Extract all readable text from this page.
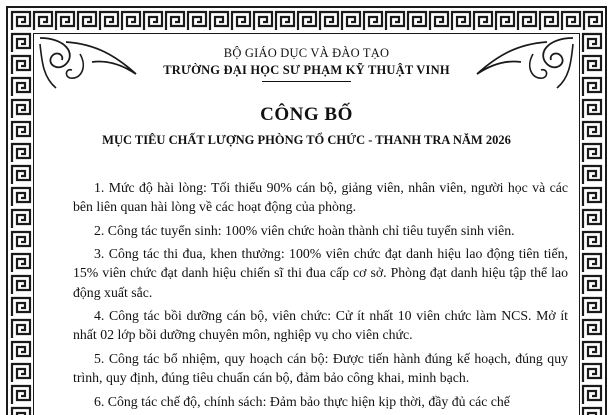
BỘ GIÁO DỤC VÀ ĐÀO TẠO
TRƯỜNG ĐẠI HỌC SƯ PHẠM KỸ THUẬT VINH
CÔNG BỐ
MỤC TIÊU CHẤT LƯỢNG PHÒNG TỔ CHỨC - THANH TRA NĂM 2026

1. Mức độ hài lòng: Tối thiểu 90% cán bộ, giảng viên, nhân viên, người học và các bên liên quan hài lòng về các hoạt động của phòng.

2. Công tác tuyển sinh: 100% viên chức hoàn thành chỉ tiêu tuyển sinh viên.

3. Công tác thi đua, khen thưởng: 100% viên chức đạt danh hiệu lao động tiên tiến, 15% viên chức đạt danh hiệu chiến sĩ thi đua cấp cơ sở. Phòng đạt danh hiệu tập thể lao động xuất sắc.

4. Công tác bồi dưỡng cán bộ, viên chức: Cử ít nhất 10 viên chức làm NCS. Mở ít nhất 02 lớp bồi dưỡng chuyên môn, nghiệp vụ cho viên chức.

5. Công tác bổ nhiệm, quy hoạch cán bộ: Được tiến hành đúng kế hoạch, đúng quy trình, quy định, đúng tiêu chuẩn cán bộ, đảm bảo công khai, minh bạch.

6. Công tác chế độ, chính sách: Đảm bảo thực hiện kịp thời, đầy đủ các chế
